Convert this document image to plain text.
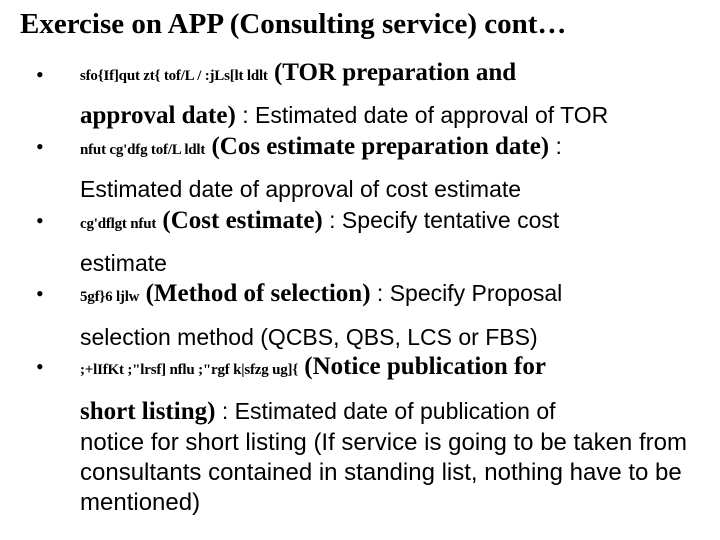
Exercise on APP (Consulting service) cont…
•
•
•
•
•
sfo{If]qut zt{ tof/L / :jLs[lt ldlt (TOR preparation and
approval date) : Estimated date of approval of TOR
nfut cg'dfg tof/L ldlt (Cos estimate preparation date) :
Estimated date of approval of cost estimate
cg'dflgt nfut (Cost estimate) : Specify tentative cost
estimate
5gf}6 ljlw (Method of selection) : Specify Proposal
selection method (QCBS, QBS, LCS or FBS)
;+lIfKt ;"lrsf] nflu ;"rgf k|sfzg ug]{ (Notice publication for
short listing) : Estimated date of publication of
notice for short listing (If service is going to be taken from consultants contained in standing list, nothing have to be mentioned)
